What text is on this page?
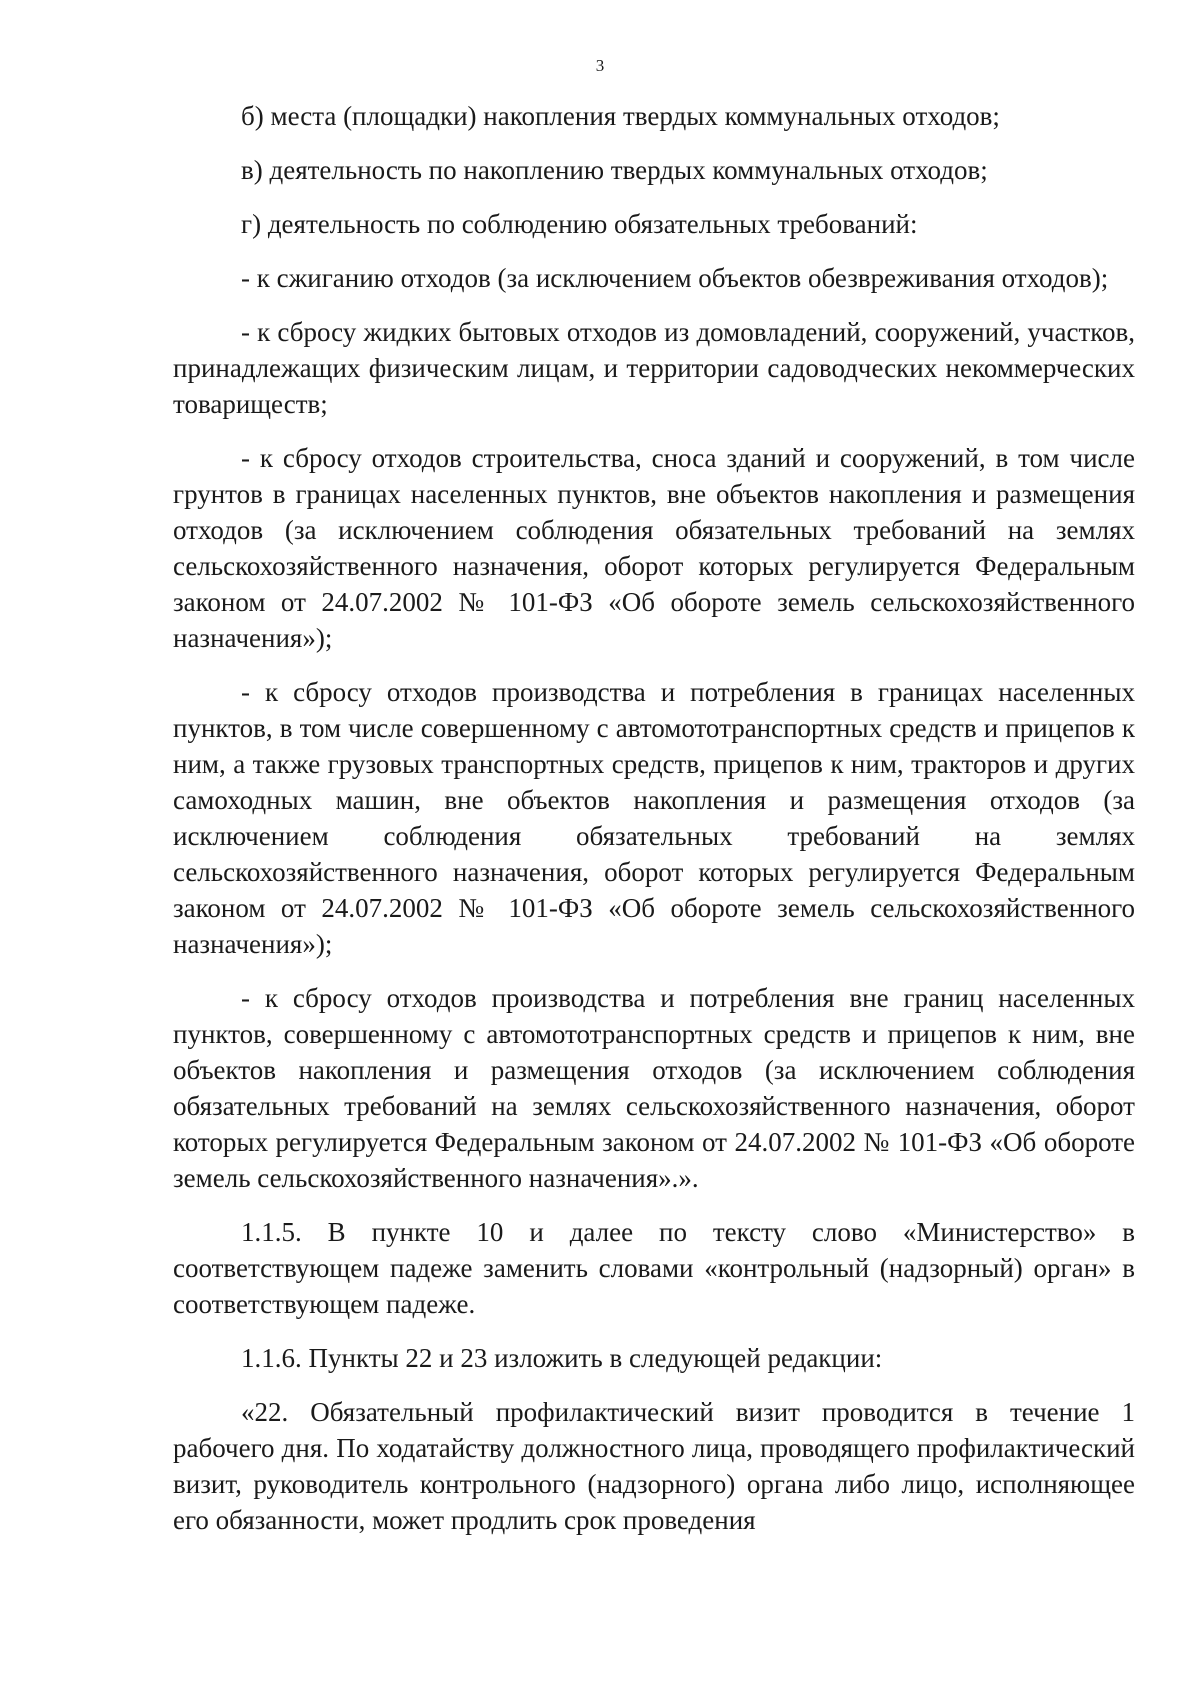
3

б) места (площадки) накопления твердых коммунальных отходов;

в) деятельность по накоплению твердых коммунальных отходов;

г) деятельность по соблюдению обязательных требований:

- к сжиганию отходов (за исключением объектов обезвреживания отходов);

- к сбросу жидких бытовых отходов из домовладений, сооружений, участков, принадлежащих физическим лицам, и территории садоводческих некоммерческих товариществ;

- к сбросу отходов строительства, сноса зданий и сооружений, в том числе грунтов в границах населенных пунктов, вне объектов накопления и размещения отходов (за исключением соблюдения обязательных требований на землях сельскохозяйственного назначения, оборот которых регулируется Федеральным законом от 24.07.2002 № 101-ФЗ «Об обороте земель сельскохозяйственного назначения»);

- к сбросу отходов производства и потребления в границах населенных пунктов, в том числе совершенному с автомототранспортных средств и прицепов к ним, а также грузовых транспортных средств, прицепов к ним, тракторов и других самоходных машин, вне объектов накопления и размещения отходов (за исключением соблюдения обязательных требований на землях сельскохозяйственного назначения, оборот которых регулируется Федеральным законом от 24.07.2002 № 101-ФЗ «Об обороте земель сельскохозяйственного назначения»);

- к сбросу отходов производства и потребления вне границ населенных пунктов, совершенному с автомототранспортных средств и прицепов к ним, вне объектов накопления и размещения отходов (за исключением соблюдения обязательных требований на землях сельскохозяйственного назначения, оборот которых регулируется Федеральным законом от 24.07.2002 № 101-ФЗ «Об обороте земель сельскохозяйственного назначения».».

1.1.5. В пункте 10 и далее по тексту слово «Министерство» в соответствующем падеже заменить словами «контрольный (надзорный) орган» в соответствующем падеже.

1.1.6. Пункты 22 и 23 изложить в следующей редакции:

«22. Обязательный профилактический визит проводится в течение 1 рабочего дня. По ходатайству должностного лица, проводящего профилактический визит, руководитель контрольного (надзорного) органа либо лицо, исполняющее его обязанности, может продлить срок проведения
